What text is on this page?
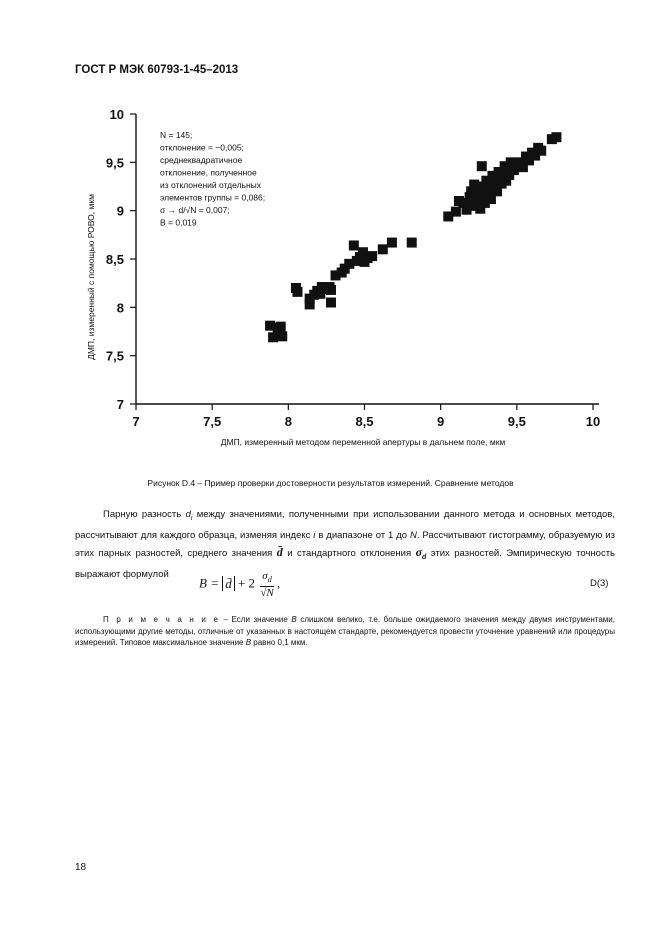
ГОСТ Р МЭК 60793-1-45–2013
7	7,5	8	8,5	9	9,5	10
7
7,5
8
8,5
9
9,5
10
ДМП, измеренный методом переменной апертуры в дальнем поле, мкм
ДМП, измеренный с помощью РОВО, мкм
N = 145;
отклонение = −0,005;
среднеквадратичное
отклонение, полученное
из отклонений отдельных
элементов группы = 0,086;
σ → d/√N = 0,007;
B = 0,019
Рисунок D.4 – Пример проверки достоверности результатов измерений. Сравнение методов

Парную разность $d_i$ между значениями, полученными при использовании данного метода и основных методов, рассчитывают для каждого образца, изменяя индекс i в диапазоне от 1 до N. Рассчитывают гистограмму, образуемую из этих парных разностей, среднего значения d̄ и стандартного отклонения $\sigma_d$ этих разностей. Эмпирическую точность выражают формулой

B = d̄ + $2 \frac{\sigma_d}{√N}$ ,	D(3)

П р и м е ч а н и е – Если значение B слишком велико, т.е. больше ожидаемого значения между двумя инструментами, использующими другие методы, отличные от указанных в настоящем стандарте, рекомендуется провести уточнение уравнений или процедуры измерений. Типовое максимальное значение B равно 0,1 мкм.

18
